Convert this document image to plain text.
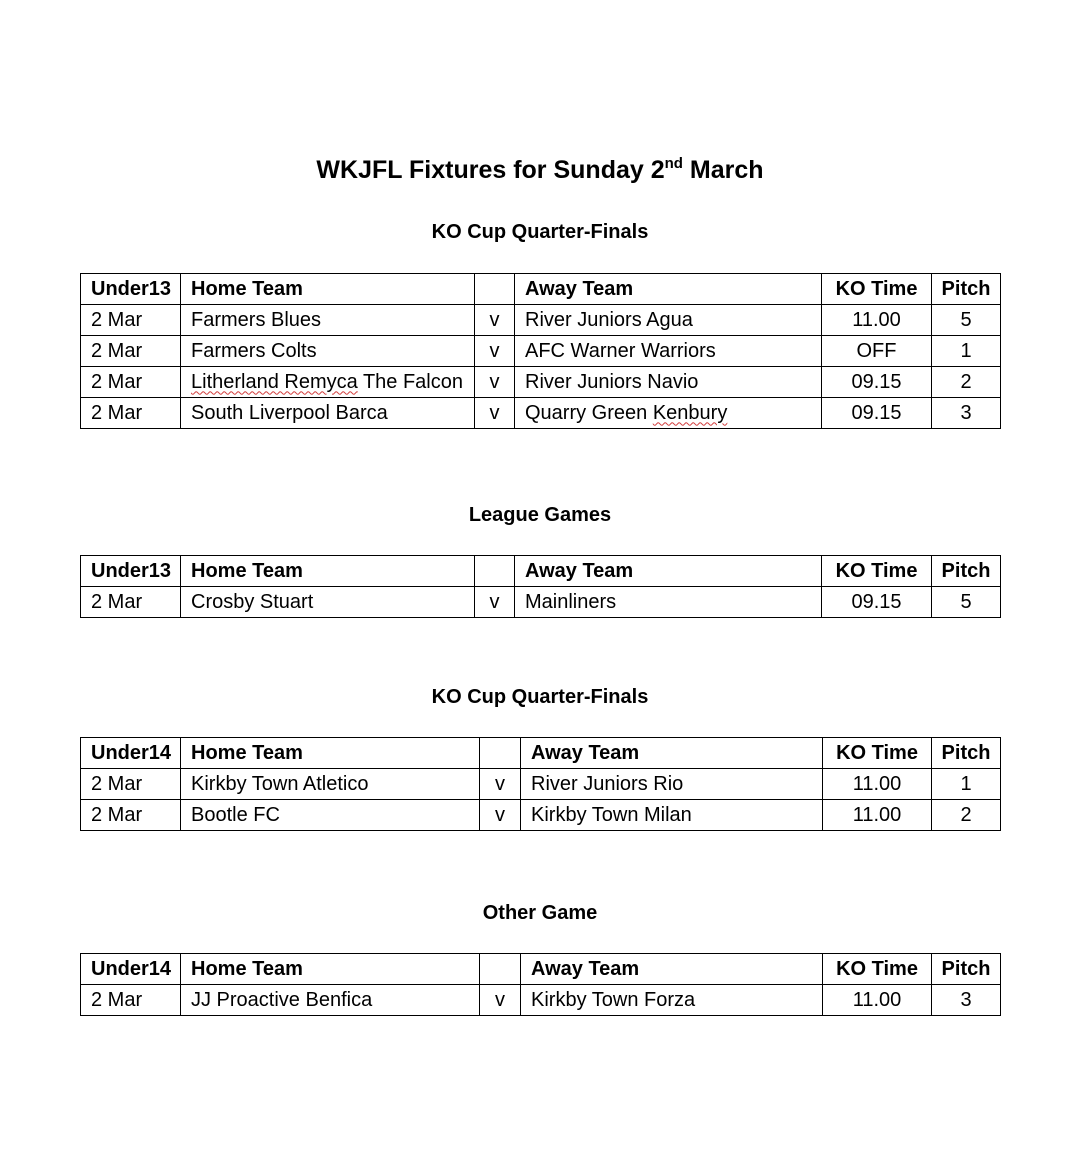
WKJFL Fixtures for Sunday 2nd March
KO Cup Quarter-Finals
Under13	Home Team		Away Team	KO Time	Pitch
2 Mar	Farmers Blues	v	River Juniors Agua	11.00	5
2 Mar	Farmers Colts	v	AFC Warner Warriors	OFF	1
2 Mar	Litherland Remyca The Falcon	v	River Juniors Navio	09.15	2
2 Mar	South Liverpool Barca	v	Quarry Green Kenbury	09.15	3
League Games
Under13	Home Team		Away Team	KO Time	Pitch
2 Mar	Crosby Stuart	v	Mainliners	09.15	5
KO Cup Quarter-Finals
Under14	Home Team		Away Team	KO Time	Pitch
2 Mar	Kirkby Town Atletico	v	River Juniors Rio	11.00	1
2 Mar	Bootle FC	v	Kirkby Town Milan	11.00	2
Other Game
Under14	Home Team		Away Team	KO Time	Pitch
2 Mar	JJ Proactive Benfica	v	Kirkby Town Forza	11.00	3
